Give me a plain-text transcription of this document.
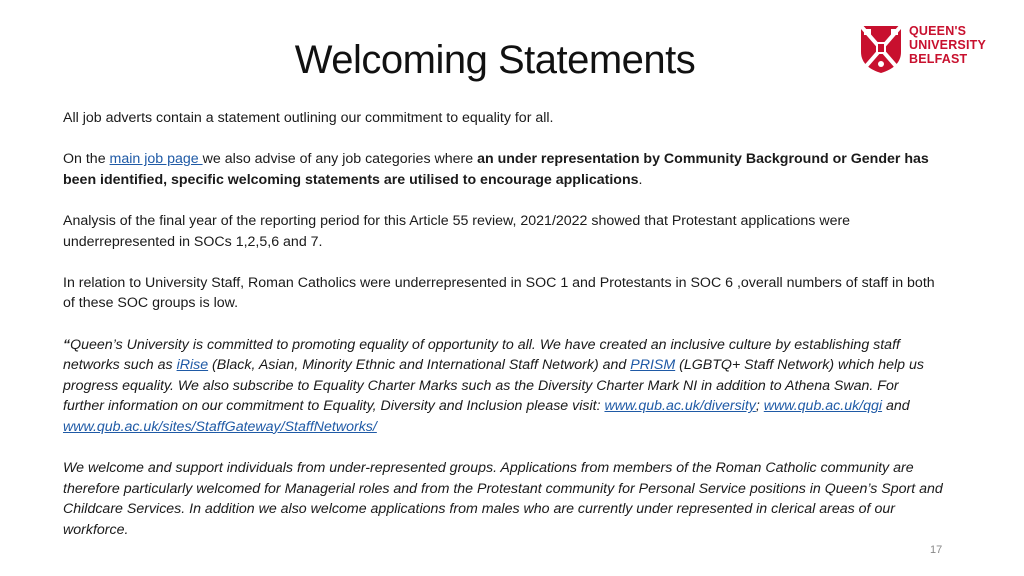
Welcoming Statements
QUEEN'S
UNIVERSITY
BELFAST

All job adverts contain a statement outlining our commitment to equality for all.

On the main job page we also advise of any job categories where an under representation by Community Background or Gender has been identified, specific welcoming statements are utilised to encourage applications.

Analysis of the final year of the reporting period for this Article 55 review, 2021/2022 showed that Protestant applications were underrepresented in SOCs 1,2,5,6 and 7.

In relation to University Staff, Roman Catholics were underrepresented in SOC 1 and Protestants in SOC 6 ,overall numbers of staff in both of these SOC groups is low.

“Queen’s University is committed to promoting equality of opportunity to all. We have created an inclusive culture by establishing staff networks such as iRise (Black, Asian, Minority Ethnic and International Staff Network) and PRISM (LGBTQ+ Staff Network) which help us progress equality. We also subscribe to Equality Charter Marks such as the Diversity Charter Mark NI in addition to Athena Swan. For further information on our commitment to Equality, Diversity and Inclusion please visit: www.qub.ac.uk/diversity; www.qub.ac.uk/qgi and www.qub.ac.uk/sites/StaffGateway/StaffNetworks/

We welcome and support individuals from under-represented groups. Applications from members of the Roman Catholic community are therefore particularly welcomed for Managerial roles and from the Protestant community for Personal Service positions in Queen’s Sport and Childcare Services. In addition we also welcome applications from males who are currently under represented in clerical areas of our workforce.

17
